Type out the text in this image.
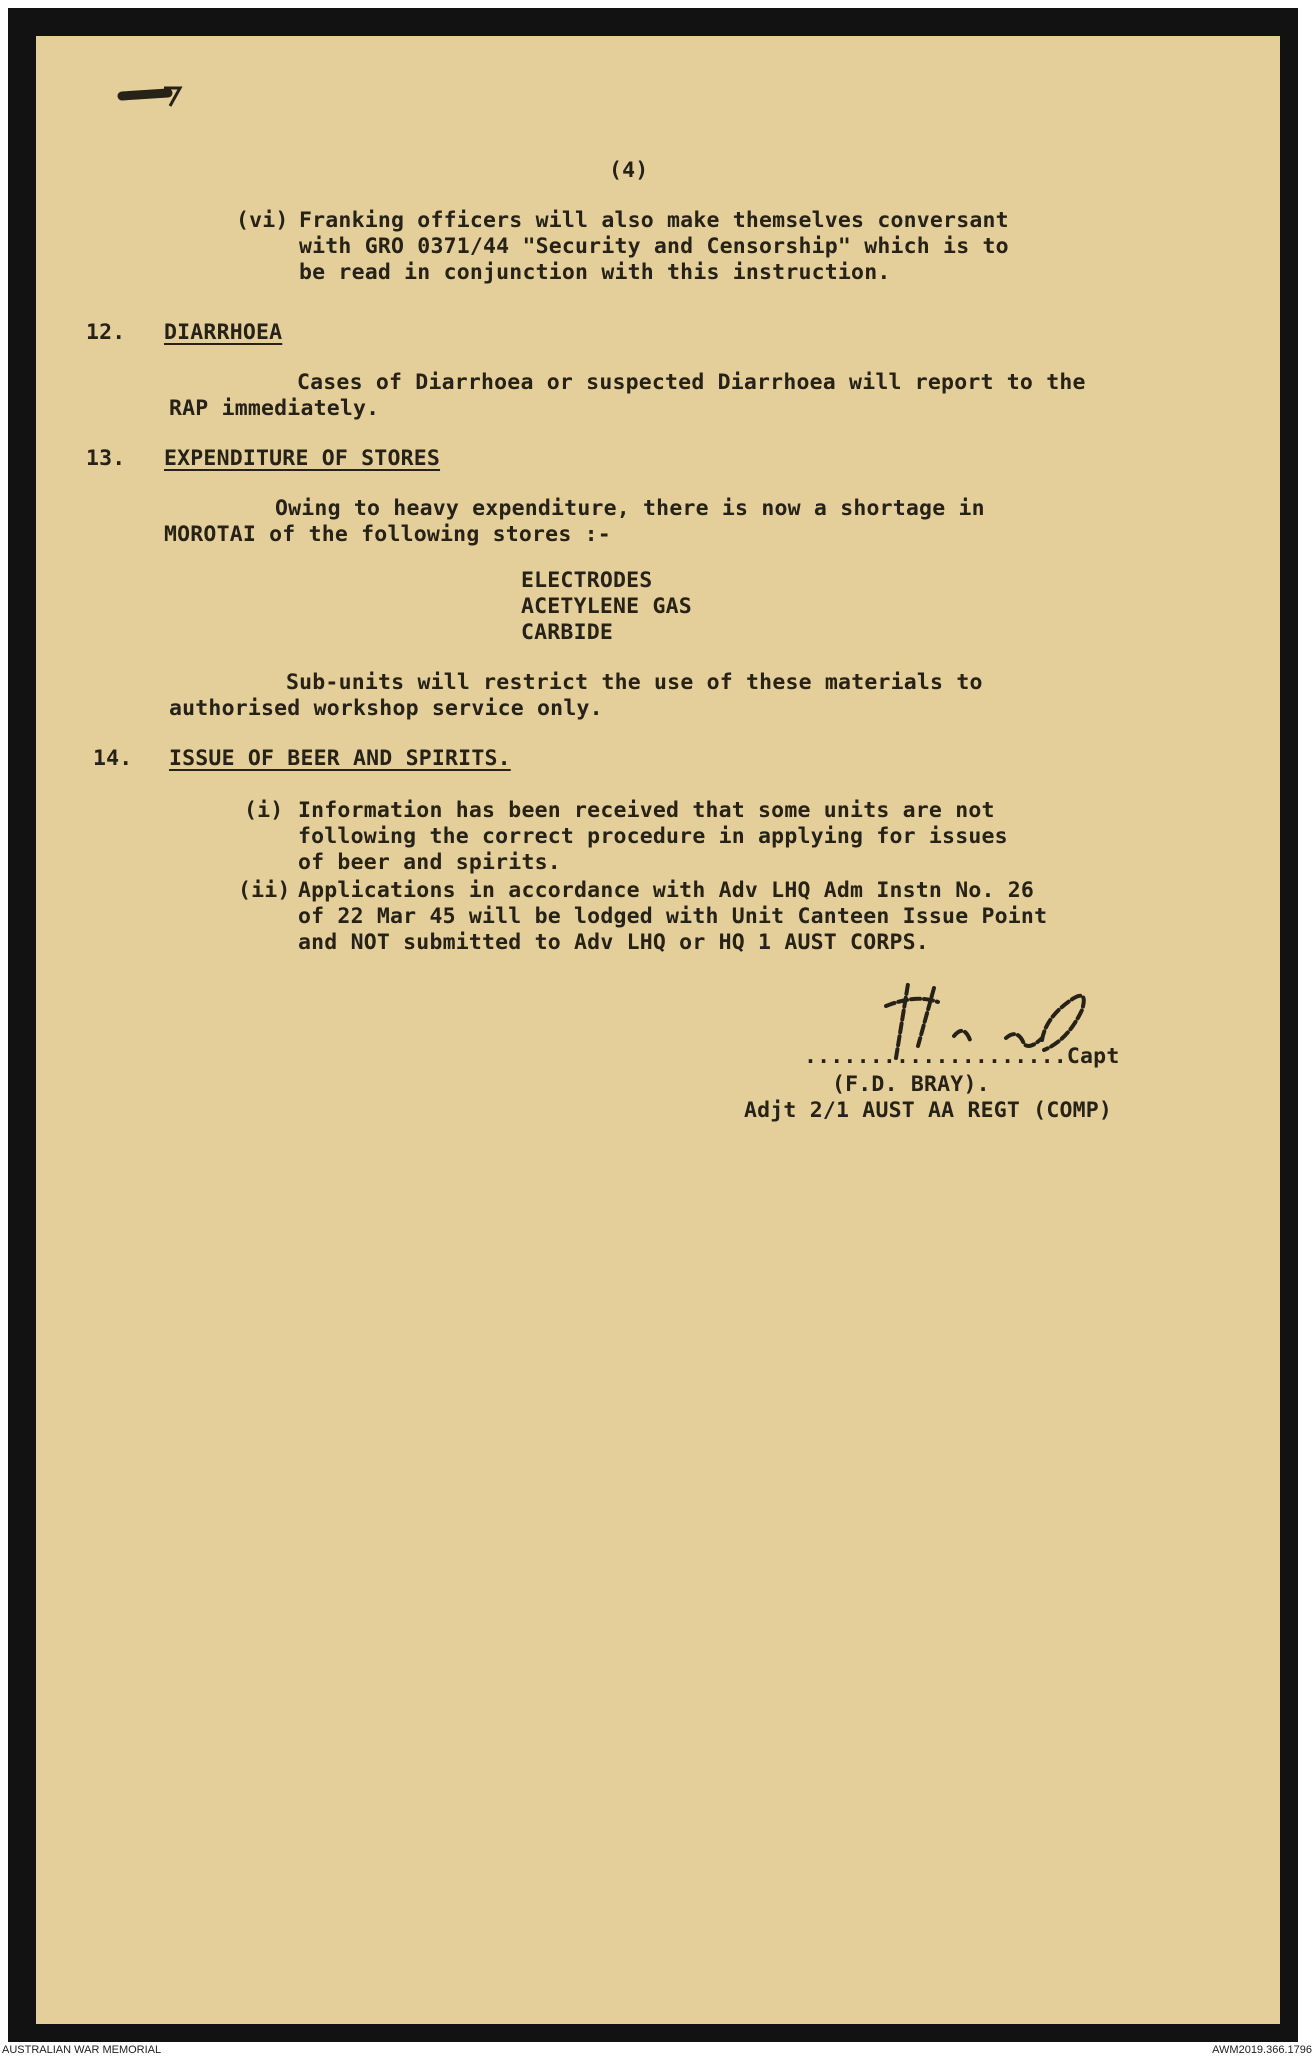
(4)
(vi) Franking officers will also make themselves conversant
with GRO 0371/44 "Security and Censorship" which is to
be read in conjunction with this instruction.
12. DIARRHOEA
Cases of Diarrhoea or suspected Diarrhoea will report to the
RAP immediately.
13. EXPENDITURE OF STORES
Owing to heavy expenditure, there is now a shortage in
MOROTAI of the following stores :-
ELECTRODES
ACETYLENE GAS
CARBIDE
Sub-units will restrict the use of these materials to
authorised workshop service only.
14. ISSUE OF BEER AND SPIRITS.
(i) Information has been received that some units are not
following the correct procedure in applying for issues
of beer and spirits.
(ii) Applications in accordance with Adv LHQ Adm Instn No. 26
of 22 Mar 45 will be lodged with Unit Canteen Issue Point
and NOT submitted to Adv LHQ or HQ 1 AUST CORPS.
....................Capt
(F.D. BRAY).
Adjt 2/1 AUST AA REGT (COMP)
AUSTRALIAN WAR MEMORIAL	AWM2019.366.1796
